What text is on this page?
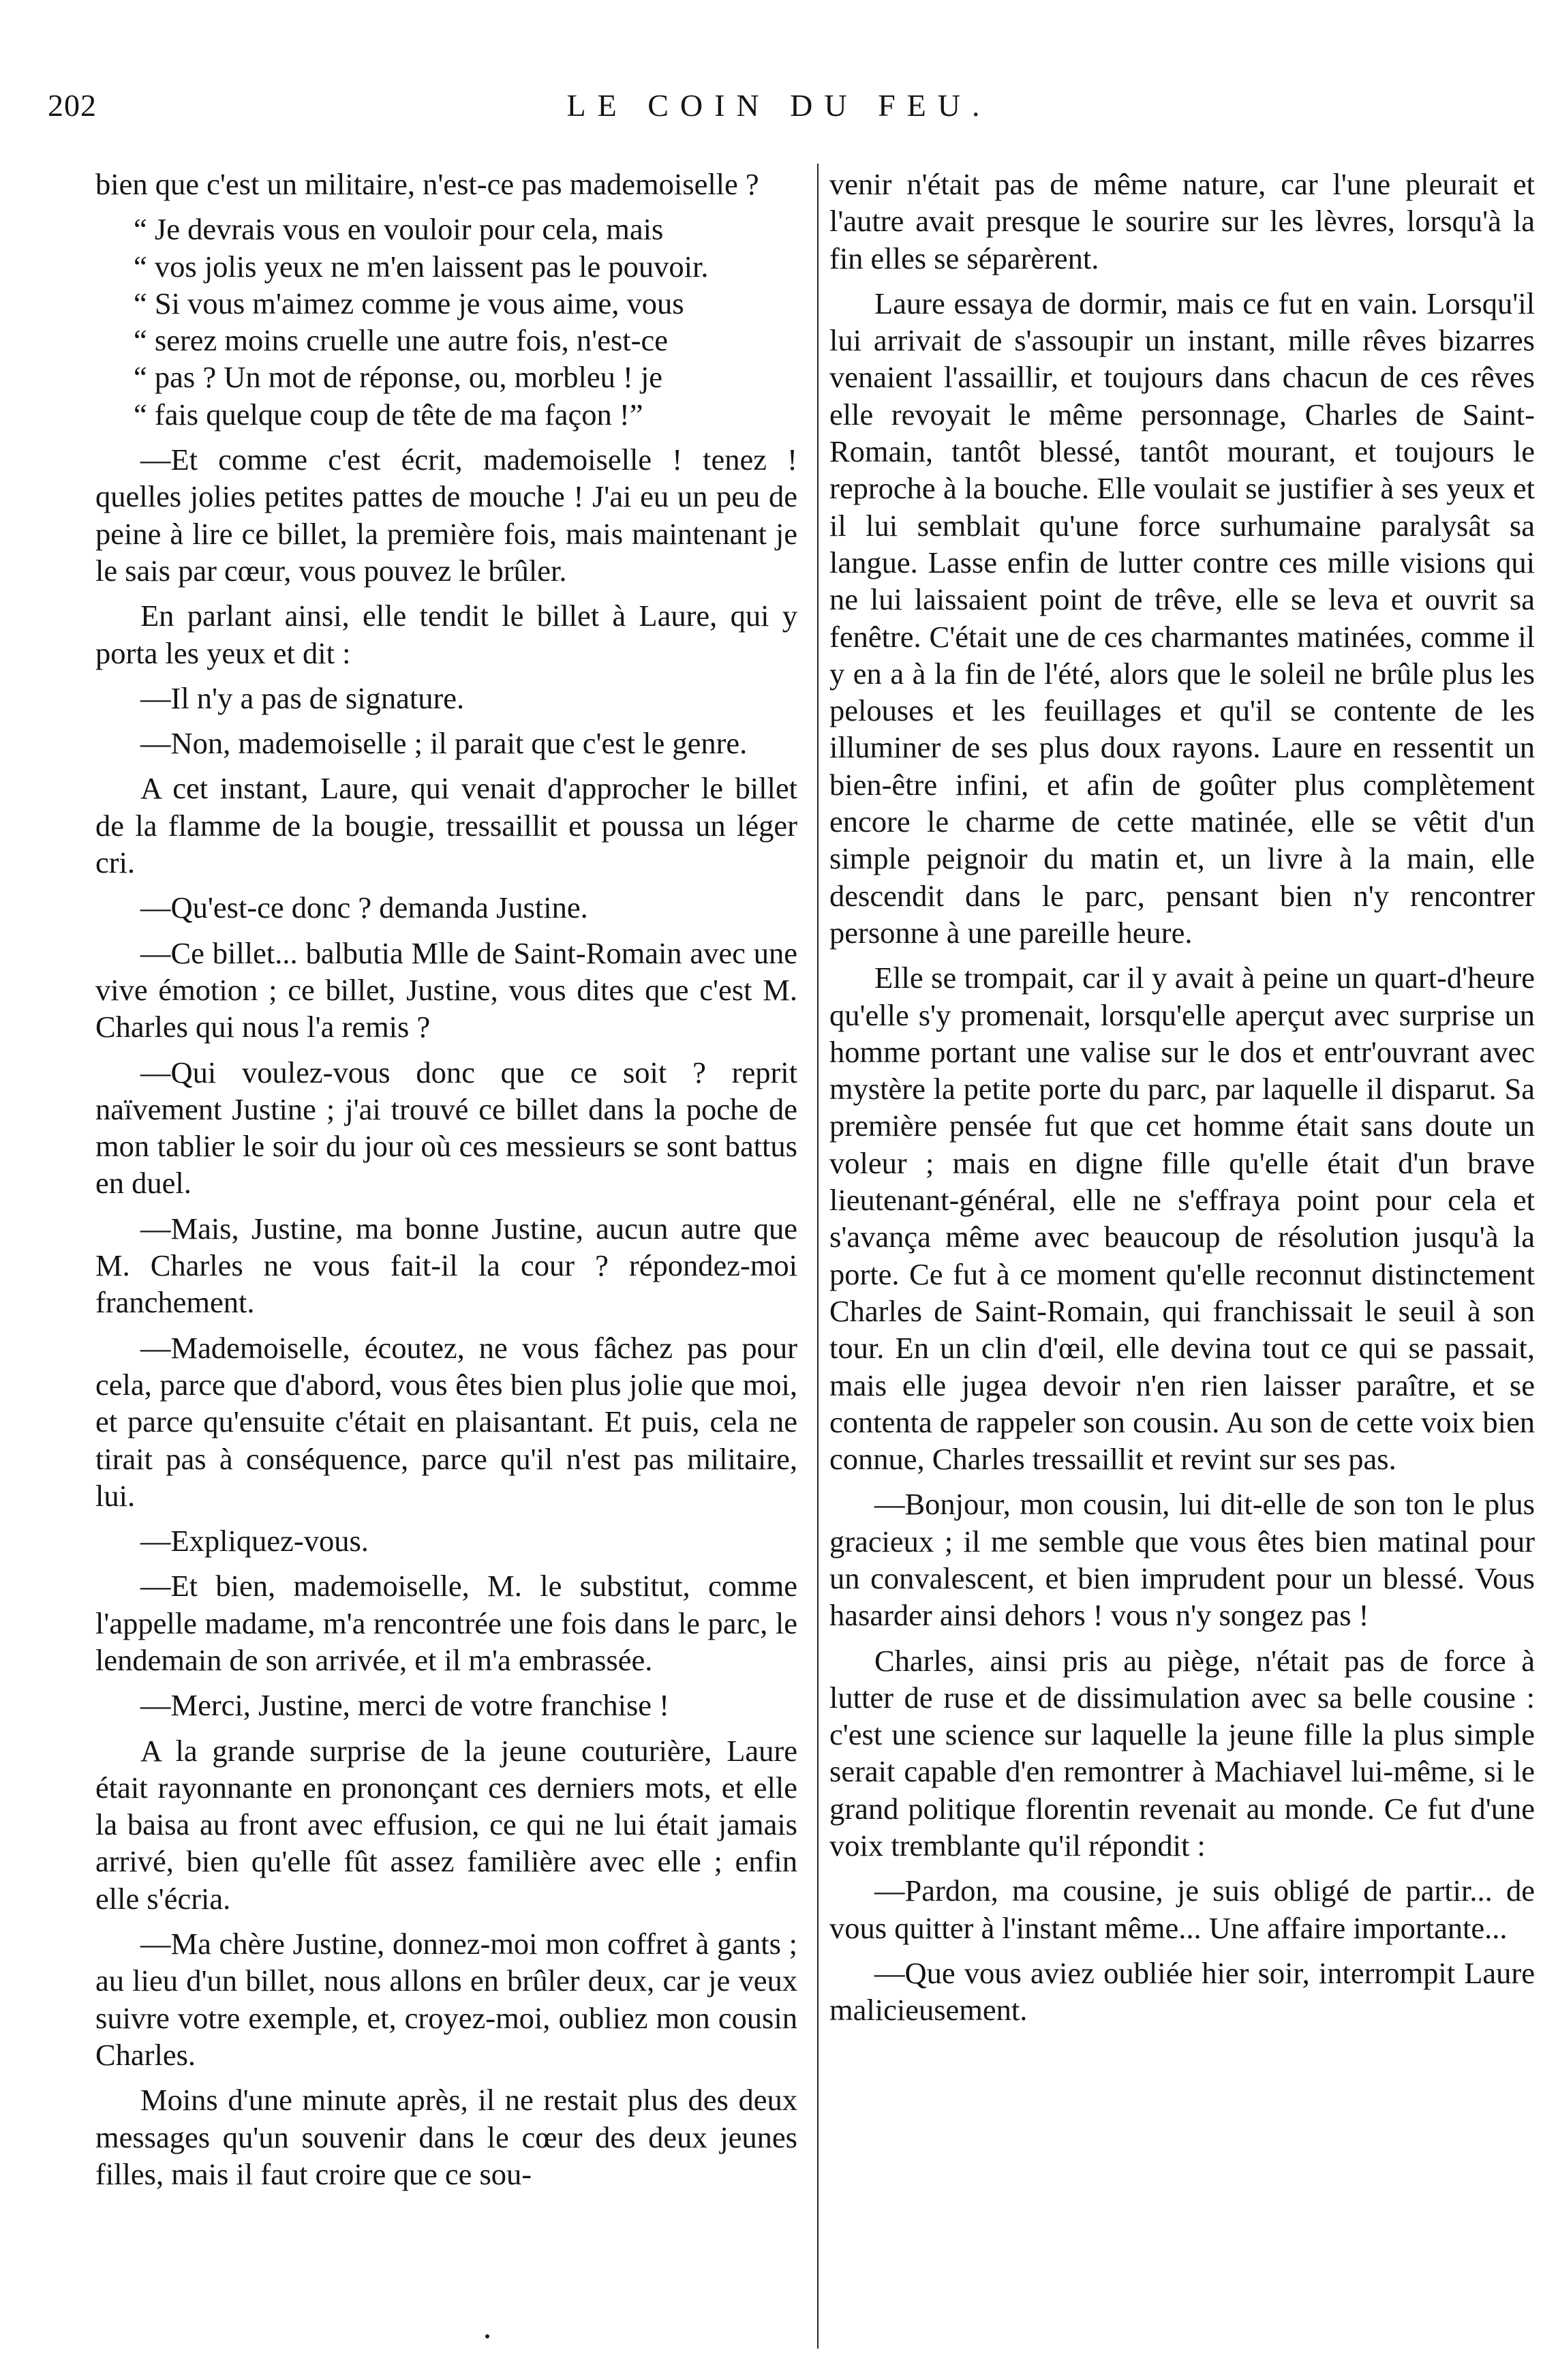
202	LE COIN DU FEU.

bien que c'est un militaire, n'est-ce pas mademoiselle ?

“ Je devrais vous en vouloir pour cela, mais

“ vos jolis yeux ne m'en laissent pas le pouvoir.

“ Si vous m'aimez comme je vous aime, vous

“ serez moins cruelle une autre fois, n'est-ce

“ pas ? Un mot de réponse, ou, morbleu ! je

“ fais quelque coup de tête de ma façon !”

—Et comme c'est écrit, mademoiselle ! tenez ! quelles jolies petites pattes de mouche ! J'ai eu un peu de peine à lire ce billet, la première fois, mais maintenant je le sais par cœur, vous pouvez le brûler.

En parlant ainsi, elle tendit le billet à Laure, qui y porta les yeux et dit :

—Il n'y a pas de signature.

—Non, mademoiselle ; il parait que c'est le genre.

A cet instant, Laure, qui venait d'approcher le billet de la flamme de la bougie, tressaillit et poussa un léger cri.

—Qu'est-ce donc ? demanda Justine.

—Ce billet... balbutia Mlle de Saint-Romain avec une vive émotion ; ce billet, Justine, vous dites que c'est M. Charles qui nous l'a remis ?

—Qui voulez-vous donc que ce soit ? reprit naïvement Justine ; j'ai trouvé ce billet dans la poche de mon tablier le soir du jour où ces messieurs se sont battus en duel.

—Mais, Justine, ma bonne Justine, aucun autre que M. Charles ne vous fait-il la cour ? répondez-moi franchement.

—Mademoiselle, écoutez, ne vous fâchez pas pour cela, parce que d'abord, vous êtes bien plus jolie que moi, et parce qu'ensuite c'était en plaisantant. Et puis, cela ne tirait pas à conséquence, parce qu'il n'est pas militaire, lui.

—Expliquez-vous.

—Et bien, mademoiselle, M. le substitut, comme l'appelle madame, m'a rencontrée une fois dans le parc, le lendemain de son arrivée, et il m'a embrassée.

—Merci, Justine, merci de votre franchise !

A la grande surprise de la jeune couturière, Laure était rayonnante en prononçant ces derniers mots, et elle la baisa au front avec effusion, ce qui ne lui était jamais arrivé, bien qu'elle fût assez familière avec elle ; enfin elle s'écria.

—Ma chère Justine, donnez-moi mon coffret à gants ; au lieu d'un billet, nous allons en brûler deux, car je veux suivre votre exemple, et, croyez-moi, oubliez mon cousin Charles.

Moins d'une minute après, il ne restait plus des deux messages qu'un souvenir dans le cœur des deux jeunes filles, mais il faut croire que ce sou-

venir n'était pas de même nature, car l'une pleurait et l'autre avait presque le sourire sur les lèvres, lorsqu'à la fin elles se séparèrent.

Laure essaya de dormir, mais ce fut en vain. Lorsqu'il lui arrivait de s'assoupir un instant, mille rêves bizarres venaient l'assaillir, et toujours dans chacun de ces rêves elle revoyait le même personnage, Charles de Saint-Romain, tantôt blessé, tantôt mourant, et toujours le reproche à la bouche. Elle voulait se justifier à ses yeux et il lui semblait qu'une force surhumaine paralysât sa langue. Lasse enfin de lutter contre ces mille visions qui ne lui laissaient point de trêve, elle se leva et ouvrit sa fenêtre. C'était une de ces charmantes matinées, comme il y en a à la fin de l'été, alors que le soleil ne brûle plus les pelouses et les feuillages et qu'il se contente de les illuminer de ses plus doux rayons. Laure en ressentit un bien-être infini, et afin de goûter plus complètement encore le charme de cette matinée, elle se vêtit d'un simple peignoir du matin et, un livre à la main, elle descendit dans le parc, pensant bien n'y rencontrer personne à une pareille heure.

Elle se trompait, car il y avait à peine un quart-d'heure qu'elle s'y promenait, lorsqu'elle aperçut avec surprise un homme portant une valise sur le dos et entr'ouvrant avec mystère la petite porte du parc, par laquelle il disparut. Sa première pensée fut que cet homme était sans doute un voleur ; mais en digne fille qu'elle était d'un brave lieutenant-général, elle ne s'effraya point pour cela et s'avança même avec beaucoup de résolution jusqu'à la porte. Ce fut à ce moment qu'elle reconnut distinctement Charles de Saint-Romain, qui franchissait le seuil à son tour. En un clin d'œil, elle devina tout ce qui se passait, mais elle jugea devoir n'en rien laisser paraître, et se contenta de rappeler son cousin. Au son de cette voix bien connue, Charles tressaillit et revint sur ses pas.

—Bonjour, mon cousin, lui dit-elle de son ton le plus gracieux ; il me semble que vous êtes bien matinal pour un convalescent, et bien imprudent pour un blessé. Vous hasarder ainsi dehors ! vous n'y songez pas !

Charles, ainsi pris au piège, n'était pas de force à lutter de ruse et de dissimulation avec sa belle cousine : c'est une science sur laquelle la jeune fille la plus simple serait capable d'en remontrer à Machiavel lui-même, si le grand politique florentin revenait au monde. Ce fut d'une voix tremblante qu'il répondit :

—Pardon, ma cousine, je suis obligé de partir... de vous quitter à l'instant même... Une affaire importante...

—Que vous aviez oubliée hier soir, interrompit Laure malicieusement.
